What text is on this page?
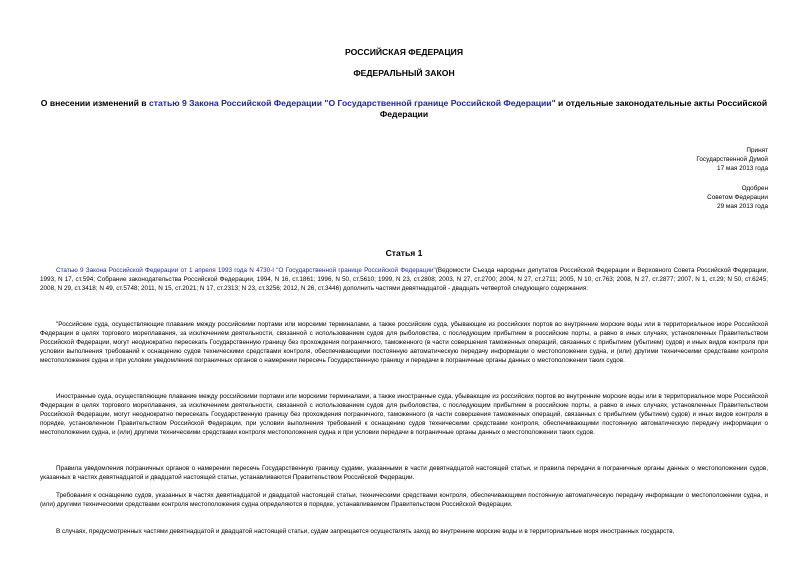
РОССИЙСКАЯ ФЕДЕРАЦИЯ

ФЕДЕРАЛЬНЫЙ ЗАКОН

О внесении изменений в статью 9 Закона Российской Федерации "О Государственной границе Российской Федерации" и отдельные законодательные акты Российской Федерации
Принят
Государственной Думой
17 мая 2013 года
Одобрен
Советом Федерации
29 мая 2013 года

Статья 1

Статью 9 Закона Российской Федерации от 1 апреля 1993 года N 4730-I "О Государственной границе Российской Федерации"(Ведомости Съезда народных депутатов Российской Федерации и Верховного Совета Российской Федерации, 1993, N 17, ст.594; Собрание законодательства Российской Федерации, 1994, N 16, ст.1861; 1996, N 50, ст.5610; 1999, N 23, ст.2808; 2003, N 27, ст.2700; 2004, N 27, ст.2711; 2005, N 10, ст.763; 2008, N 27, ст.2877; 2007, N 1, ст.29; N 50, ст.6245; 2008, N 29, ст.3418; N 49, ст.5748; 2011, N 15, ст.2021; N 17, ст.2313; N 23, ст.3256; 2012, N 26, ст.3446) дополнить частями девятнадцатой - двадцать четвертой следующего содержания:

"Российские суда, осуществляющие плавание между российскими портами или морскими терминалами, а также российские суда, убывающие из российских портов во внутренние морские воды или в территориальное море Российской Федерации в целях торгового мореплавания, за исключением деятельности, связанной с использованием судов для рыболовства, с последующим прибытием в российские порты, а равно в иных случаях, установленных Правительством Российской Федерации, могут неоднократно пересекать Государственную границу без прохождения пограничного, таможенного (в части совершения таможенных операций, связанных с прибытием (убытием) судов) и иных видов контроля при условии выполнения требований к оснащению судов техническими средствами контроля, обеспечивающими постоянную автоматическую передачу информации о местоположении судна, и (или) другими техническими средствами контроля местоположения судна и при условии уведомления пограничных органов о намерении пересечь Государственную границу и передачи в пограничные органы данных о местоположении таких судов.

Иностранные суда, осуществляющие плавание между российскими портами или морскими терминалами, а также иностранные суда, убывающие из российских портов во внутренние морские воды или в территориальное море Российской Федерации в целях торгового мореплавания, за исключением деятельности, связанной с использованием судов для рыболовства, с последующим прибытием в российские порты, а равно в иных случаях, установленных Правительством Российской Федерации, могут неоднократно пересекать Государственную границу без прохождения пограничного, таможенного (в части совершения таможенных операций, связанных с прибытием (убытием) судов) и иных видов контроля в порядке, установленном Правительством Российской Федерации, при условии выполнения требований к оснащению судов техническими средствами контроля, обеспечивающими постоянную автоматическую передачу информации о местоположении судна, и (или) другими техническими средствами контроля местоположения судна и при условии передачи в пограничные органы данных о местоположении таких судов.

Правила уведомления пограничных органов о намерении пересечь Государственную границу судами, указанными в части девятнадцатой настоящей статьи, и правила передачи в пограничные органы данных о местоположении судов, указанных в частях девятнадцатой и двадцатой настоящей статьи, устанавливаются Правительством Российской Федерации.

Требования к оснащению судов, указанных в частях девятнадцатой и двадцатой настоящей статьи, техническими средствами контроля, обеспечивающими постоянную автоматическую передачу информации о местоположении судна, и (или) другими техническими средствами контроля местоположения судна определяются в порядке, устанавливаемом Правительством Российской Федерации.

В случаях, предусмотренных частями девятнадцатой и двадцатой настоящей статьи, судам запрещается осуществлять заход во внутренние морские воды и в территориальные моря иностранных государств,
